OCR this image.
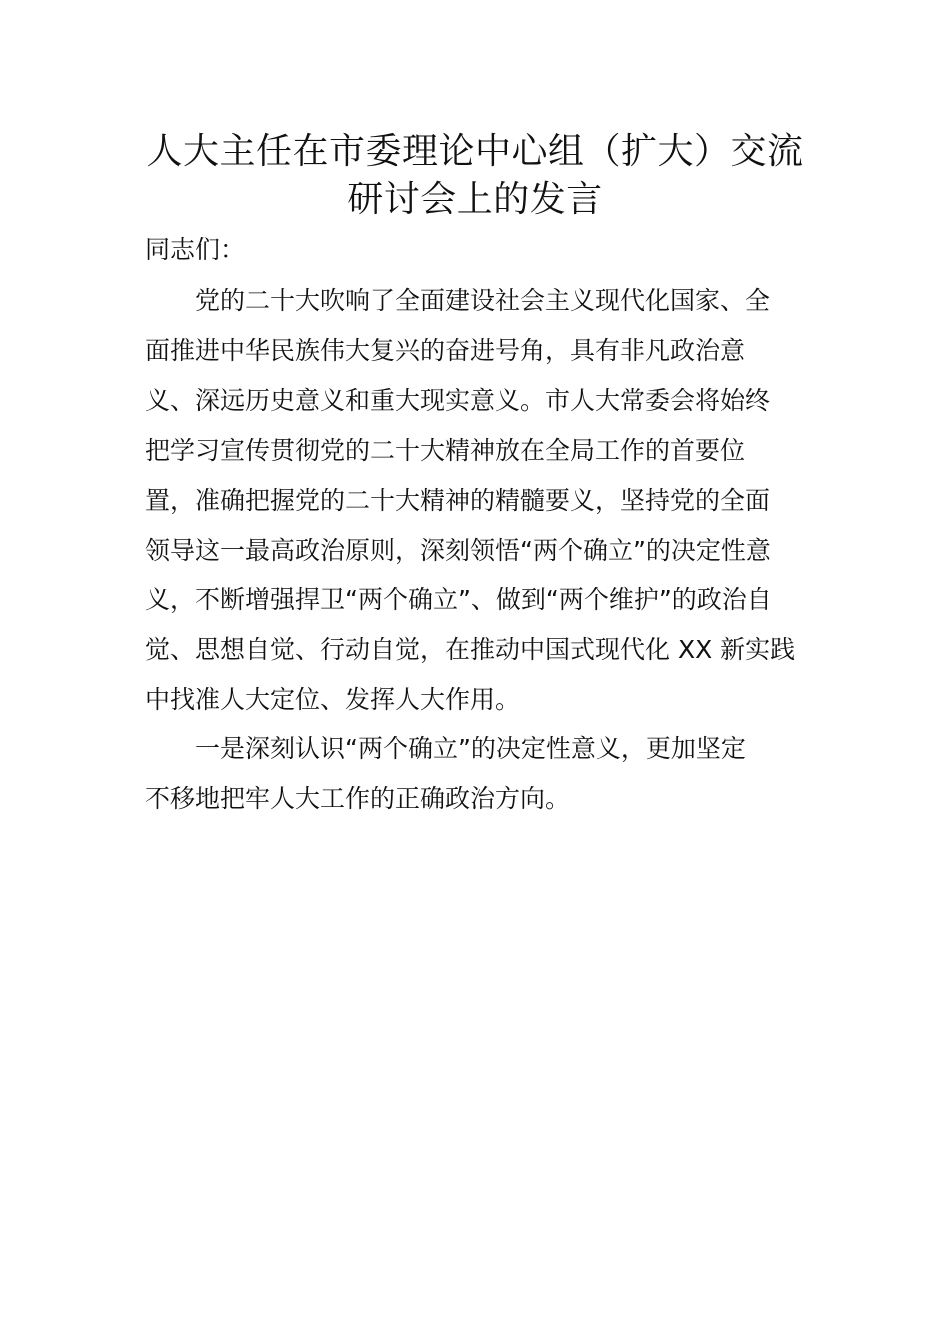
人大主任在市委理论中心组（扩大）交流
研讨会上的发言

同志们：

　　党的二十大吹响了全面建设社会主义现代化国家、全
面推进中华民族伟大复兴的奋进号角，具有非凡政治意
义、深远历史意义和重大现实意义。市人大常委会将始终
把学习宣传贯彻党的二十大精神放在全局工作的首要位
置，准确把握党的二十大精神的精髓要义，坚持党的全面
领导这一最高政治原则，深刻领悟“两个确立”的决定性意
义，不断增强捍卫“两个确立”、做到“两个维护”的政治自
觉、思想自觉、行动自觉，在推动中国式现代化 XX 新实践
中找准人大定位、发挥人大作用。

　　一是深刻认识“两个确立”的决定性意义，更加坚定
不移地把牢人大工作的正确政治方向。
